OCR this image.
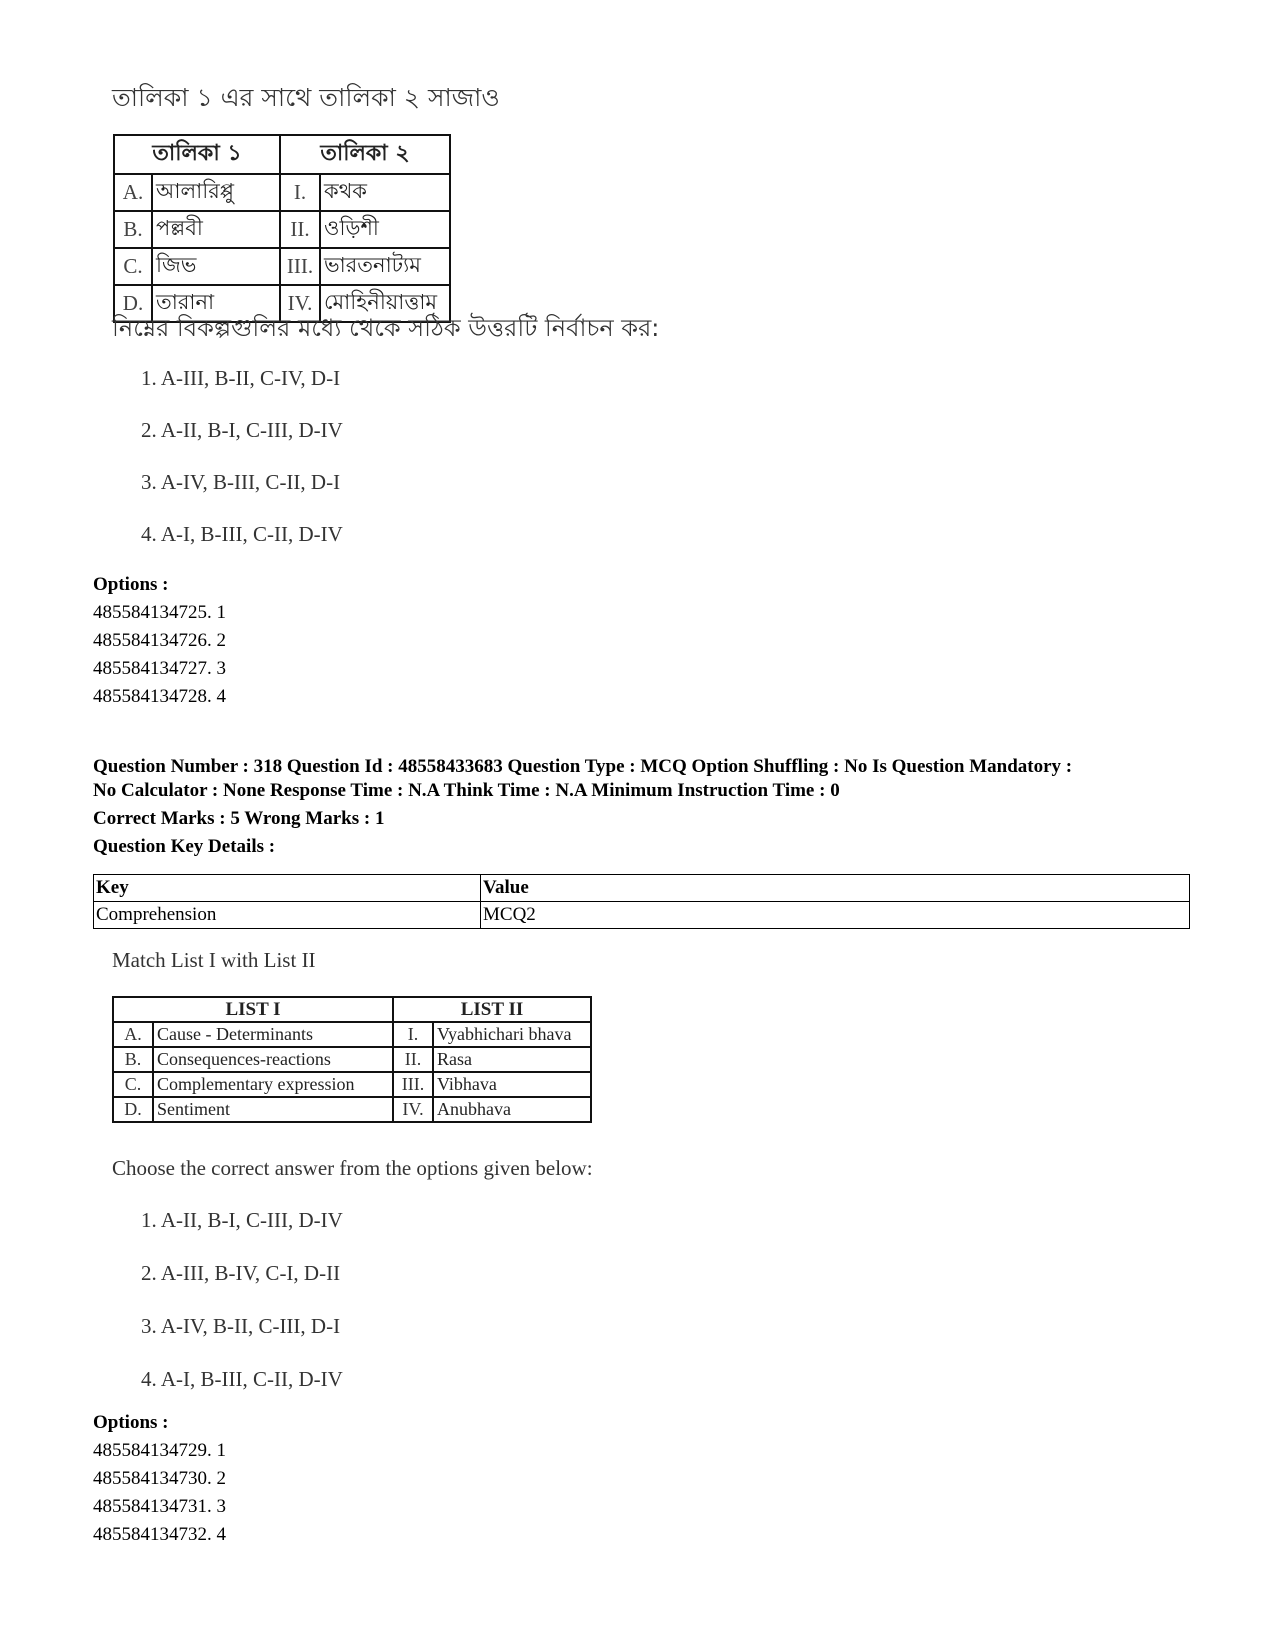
তালিকা ১ এর সাথে তালিকা ২ সাজাও
তালিকা ১		তালিকা ২	
A.	আলারিপ্পু	I.	কথক
B.	পল্লবী	II.	ওড়িশী
C.	জিভ	III.	ভারতনাট্যম
D.	তারানা	IV.	মোহিনীয়াত্তাম
নিম্নের বিকল্পগুলির মধ্যে থেকে সঠিক উত্তরটি নির্বাচন কর:
1. A-III, B-II, C-IV, D-I
2. A-II, B-I, C-III, D-IV
3. A-IV, B-III, C-II, D-I
4. A-I, B-III, C-II, D-IV
Options :
485584134725. 1
485584134726. 2
485584134727. 3
485584134728. 4
Question Number : 318 Question Id : 48558433683 Question Type : MCQ Option Shuffling : No Is Question Mandatory :
No Calculator : None Response Time : N.A Think Time : N.A Minimum Instruction Time : 0
Correct Marks : 5 Wrong Marks : 1
Question Key Details :
Key	Value
Comprehension	MCQ2
Match List I with List II
LIST I		LIST II	
A.	Cause - Determinants	I.	Vyabhichari bhava
B.	Consequences-reactions	II.	Rasa
C.	Complementary expression	III.	Vibhava
D.	Sentiment	IV.	Anubhava
Choose the correct answer from the options given below:
1. A-II, B-I, C-III, D-IV
2. A-III, B-IV, C-I, D-II
3. A-IV, B-II, C-III, D-I
4. A-I, B-III, C-II, D-IV
Options :
485584134729. 1
485584134730. 2
485584134731. 3
485584134732. 4
